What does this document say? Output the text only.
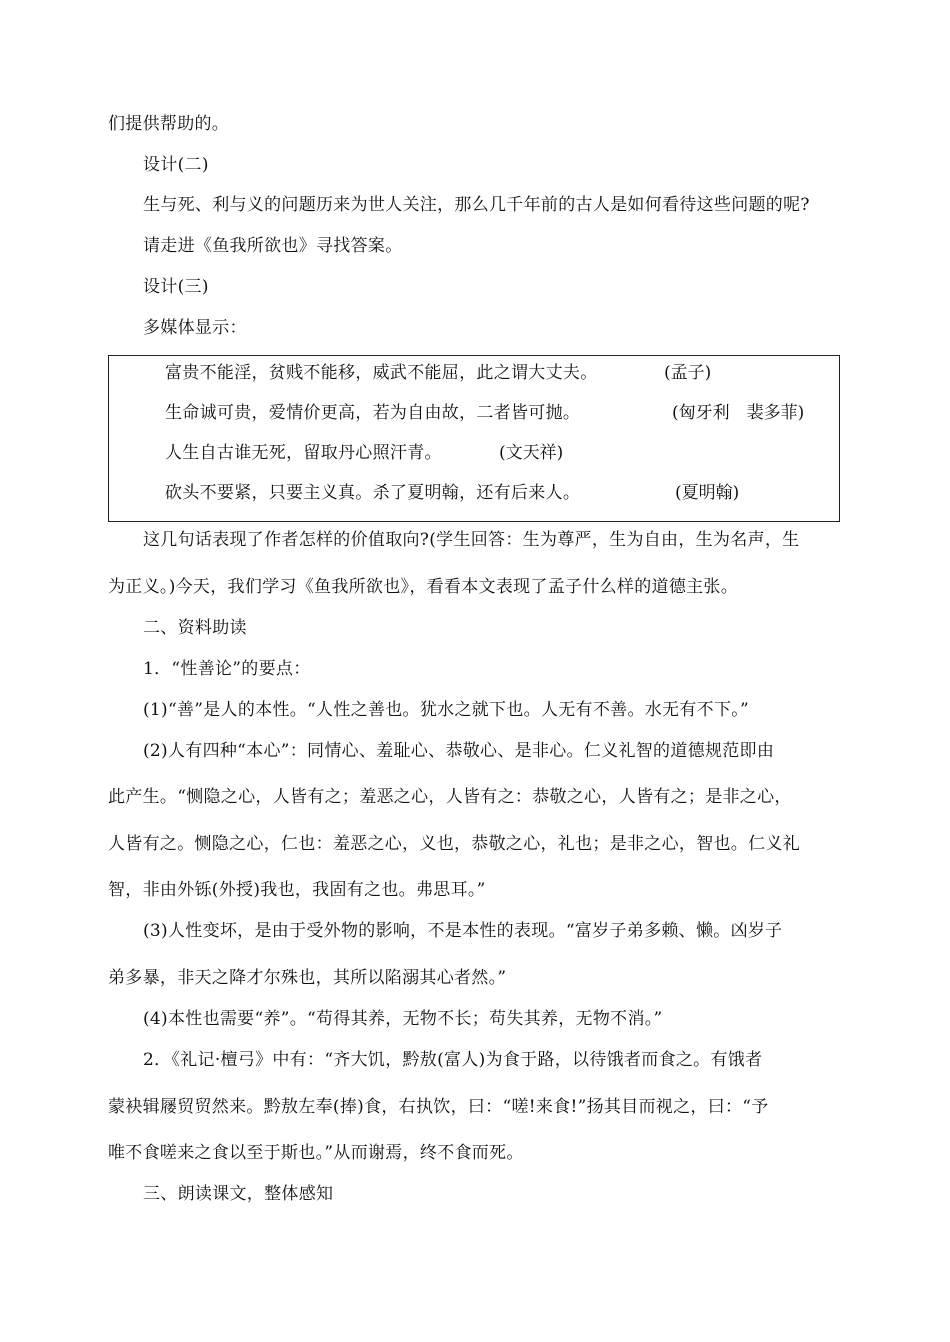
们提供帮助的。
设计(二)
生与死、利与义的问题历来为世人关注，那么几千年前的古人是如何看待这些问题的呢?
请走进《鱼我所欲也》寻找答案。
设计(三)
多媒体显示：
富贵不能淫，贫贱不能移，威武不能屈，此之谓大丈夫。	(孟子)
生命诚可贵，爱情价更高，若为自由故，二者皆可抛。	(匈牙利　裴多菲)
人生自古谁无死，留取丹心照汗青。	(文天祥)
砍头不要紧，只要主义真。杀了夏明翰，还有后来人。	(夏明翰)
这几句话表现了作者怎样的价值取向?(学生回答：生为尊严，生为自由，生为名声，生
为正义。)今天，我们学习《鱼我所欲也》，看看本文表现了孟子什么样的道德主张。
二、资料助读
1．“性善论”的要点：
(1)“善”是人的本性。“人性之善也。犹水之就下也。人无有不善。水无有不下。”
(2)人有四种“本心”：同情心、羞耻心、恭敬心、是非心。仁义礼智的道德规范即由
此产生。“恻隐之心，人皆有之；羞恶之心，人皆有之：恭敬之心，人皆有之；是非之心，
人皆有之。恻隐之心，仁也：羞恶之心，义也，恭敬之心，礼也；是非之心，智也。仁义礼
智，非由外铄(外授)我也，我固有之也。弗思耳。”
(3)人性变坏，是由于受外物的影响，不是本性的表现。“富岁子弟多赖、懒。凶岁子
弟多暴，非天之降才尔殊也，其所以陷溺其心者然。”
(4)本性也需要“养”。“苟得其养，无物不长；苟失其养，无物不消。”
2．《礼记·檀弓》中有：“齐大饥，黔敖(富人)为食于路，以待饿者而食之。有饿者
蒙袂辑屦贸贸然来。黔敖左奉(捧)食，右执饮，曰：“嗟!来食!”扬其目而视之，曰：“予
唯不食嗟来之食以至于斯也。”从而谢焉，终不食而死。
三、朗读课文，整体感知
